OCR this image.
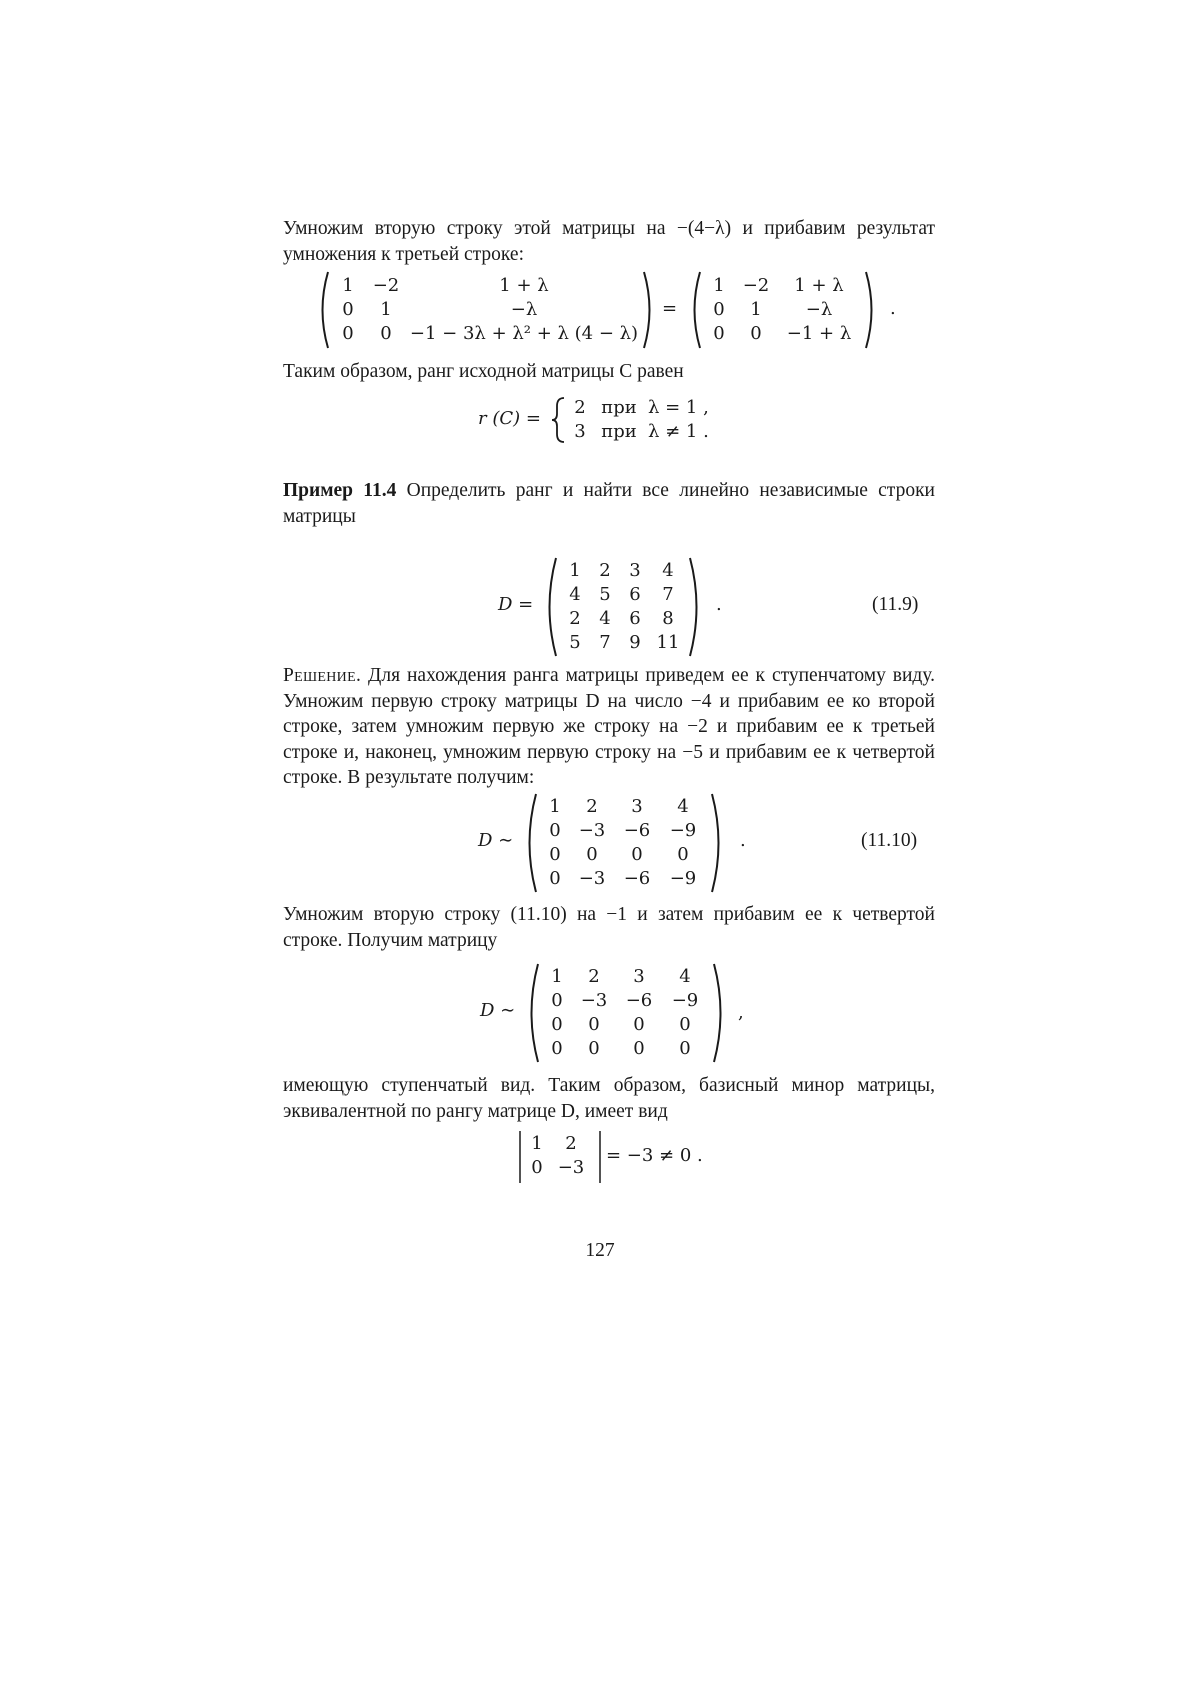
Умножим вторую строку этой матрицы на −(4−λ) и прибавим результат умножения к третьей строке:

1	−2	1 + λ
0	1	−λ
0	0	−1 − 3λ + λ² + λ (4 − λ)
=
1	−2	1 + λ
0	1	−λ
0	0	−1 + λ
.

Таким образом, ранг исходной матрицы C равен

r (C) =
2	при	λ = 1 ,
3	при	λ ≠ 1 .

Пример 11.4 Определить ранг и найти все линейно независимые строки матрицы

D =
1	2	3	4
4	5	6	7
2	4	6	8
5	7	9	11
.	(11.9)

Решение. Для нахождения ранга матрицы приведем ее к ступенчатому виду. Умножим первую строку матрицы D на число −4 и прибавим ее ко второй строке, затем умножим первую же строку на −2 и прибавим ее к третьей строке и, наконец, умножим первую строку на −5 и прибавим ее к четвертой строке. В результате получим:

D ∼
1	2	3	4
0	−3	−6	−9
0	0	0	0
0	−3	−6	−9
.	(11.10)

Умножим вторую строку (11.10) на −1 и затем прибавим ее к четвертой строке. Получим матрицу

D ∼
1	2	3	4
0	−3	−6	−9
0	0	0	0
0	0	0	0
,

имеющую ступенчатый вид. Таким образом, базисный минор матрицы, эквивалентной по рангу матрице D, имеет вид

1	2
0	−3
= −3 ≠ 0 .
127
